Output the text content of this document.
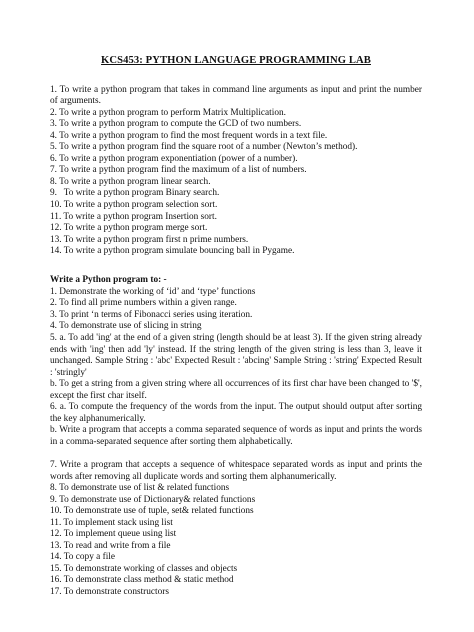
KCS453: PYTHON LANGUAGE PROGRAMMING LAB

1. To write a python program that takes in command line arguments as input and print the number of arguments.

2. To write a python program to perform Matrix Multiplication.

3. To write a python program to compute the GCD of two numbers.

4. To write a python program to find the most frequent words in a text file.

5. To write a python program find the square root of a number (Newton’s method).

6. To write a python program exponentiation (power of a number).

7. To write a python program find the maximum of a list of numbers.

8. To write a python program linear search.

9.   To write a python program Binary search.

10. To write a python program selection sort.

11. To write a python program Insertion sort.

12. To write a python program merge sort.

13. To write a python program first n prime numbers.

14. To write a python program simulate bouncing ball in Pygame.

Write a Python program to: -

1. Demonstrate the working of ‘id’ and ‘type’ functions

2. To find all prime numbers within a given range.

3. To print ‘n terms of Fibonacci series using iteration.

4. To demonstrate use of slicing in string

5. a. To add 'ing' at the end of a given string (length should be at least 3). If the given string already ends with 'ing' then add 'ly' instead. If the string length of the given string is less than 3, leave it unchanged. Sample String : 'abc' Expected Result : 'abcing' Sample String : 'string' Expected Result : 'stringly'

b. To get a string from a given string where all occurrences of its first char have been changed to '$', except the first char itself.

6. a. To compute the frequency of the words from the input. The output should output after sorting the key alphanumerically.

b. Write a program that accepts a comma separated sequence of words as input and prints the words in a comma-separated sequence after sorting them alphabetically.

7. Write a program that accepts a sequence of whitespace separated words as input and prints the words after removing all duplicate words and sorting them alphanumerically.

8. To demonstrate use of list & related functions

9. To demonstrate use of Dictionary& related functions

10. To demonstrate use of tuple, set& related functions

11. To implement stack using list

12. To implement queue using list

13. To read and write from a file

14. To copy a file

15. To demonstrate working of classes and objects

16. To demonstrate class method & static method

17. To demonstrate constructors
